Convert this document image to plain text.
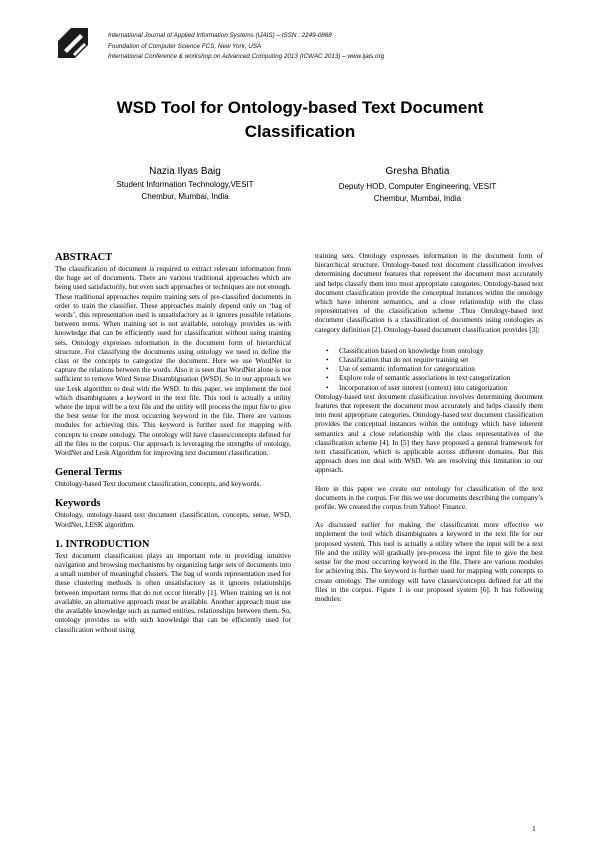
International Journal of Applied Information Systems (IJAIS) – ISSN : 2249-0868
Foundation of Computer Science FCS, New York, USA
International Conference & workshop on Advanced Computing 2013 (ICWAC 2013) – www.ijais.org
WSD Tool for Ontology-based Text Document Classification
Nazia Ilyas Baig
Student Information Technology,VESIT
Chembur, Mumbai, India
Gresha Bhatia
Deputy HOD, Computer Engineering, VESIT
Chembur, Mumbai, India
ABSTRACT

The classification of document is required to extract relevant information from the huge set of documents. There are various traditional approaches which are being used satisfactorily, but even such approaches or techniques are not enough. These traditional approaches require training sets of pre-classified documents in order to train the classifier. These approaches mainly depend only on ‘bag of words’, this representation used is unsatisfactory as it ignores possible relations between terms. When training set is not available, ontology provides us with knowledge that can be efficiently used for classification without using training sets. Ontology expresses information in the document form of hierarchical structure. For classifying the documents using ontology we need to define the class or the concepts to categorize the document. Here we use WordNet to capture the relations between the words. Also it is seen that WordNet alone is not sufficient to remove Word Sense Disambiguation (WSD). So in our approach we use Lesk algorithm to deal with the WSD. In this paper, we implement the tool which disambiguates a keyword in the text file. This tool is actually a utility where the input will be a text file and the utility will process the input file to give the best sense for the most occurring keyword in the file. There are various modules for achieving this. This keyword is further used for mapping with concepts to create ontology. The ontology will have classes/concepts defined for all the files in the corpus. Our approach is leveraging the strengths of ontology, WordNet and Lesk Algorithm for improving text document classification.

General Terms

Ontology-based Text document classification, concepts, and keywords.

Keywords

Ontology, ontology-based text document classification, concepts, sense, WSD, WordNet, LESK algorithm.

1. INTRODUCTION

Text document classification plays an important role in providing intuitive navigation and browsing mechanisms by organizing large sets of documents into a small number of meaningful clusters. The bag of words representation used for these clustering methods is often unsatisfactory as it ignores relationships between important terms that do not occur literally [1]. When training set is not available, an alternative approach must be available. Another approach must use the available knowledge such as named entities, relationships between them. So, ontology provides us with such knowledge that can be efficiently used for classification without using

training sets. Ontology expresses information in the document form of hierarchical structure. Ontology-based text document classification involves determining document features that represent the document most accurately and helps classify them into most appropriate categories. Ontology-based text document classification provide the conceptual instances within the ontology which have inherent semantics, and a close relationship with the class representatives of the classification scheme .Thus Ontology-based text document classification is a classification of documents using ontologies as category definition [2]. Ontology-based document classification provides [3]:

• Classification based on knowledge from ontology
• Classification that do not require training set
• Use of semantic information for categorization
• Explore role of semantic associations in text categorization
• Incorporation of user interest (context) into categorization

Ontology-based text document classification involves determining document features that represent the document most accurately and helps classify them into most appropriate categories. Ontology-based text document classification provides the conceptual instances within the ontology which have inherent semantics and a close relationship with the class representatives of the classification scheme [4]. In [5] they have proposed a general framework for text classification, which is applicable across different domains. But this approach does not deal with WSD. We are resolving this limitation in our approach.

Here in this paper we create our ontology for classification of the text documents in the corpus. For this we use documents describing the company’s profile. We created the corpus from Yahoo! Finance.

As discussed earlier for making the classification more effective we implement the tool which disambiguates a keyword in the text file for our proposed system. This tool is actually a utility where the input will be a text file and the utility will gradually pre-process the input file to give the best sense for the most occurring keyword in the file. There are various modules for achieving this. The keyword is further used for mapping with concepts to create ontology. The ontology will have classes/concepts defined for all the files in the corpus. Figure 1 is our proposed system [6]. It has following modules:

1
